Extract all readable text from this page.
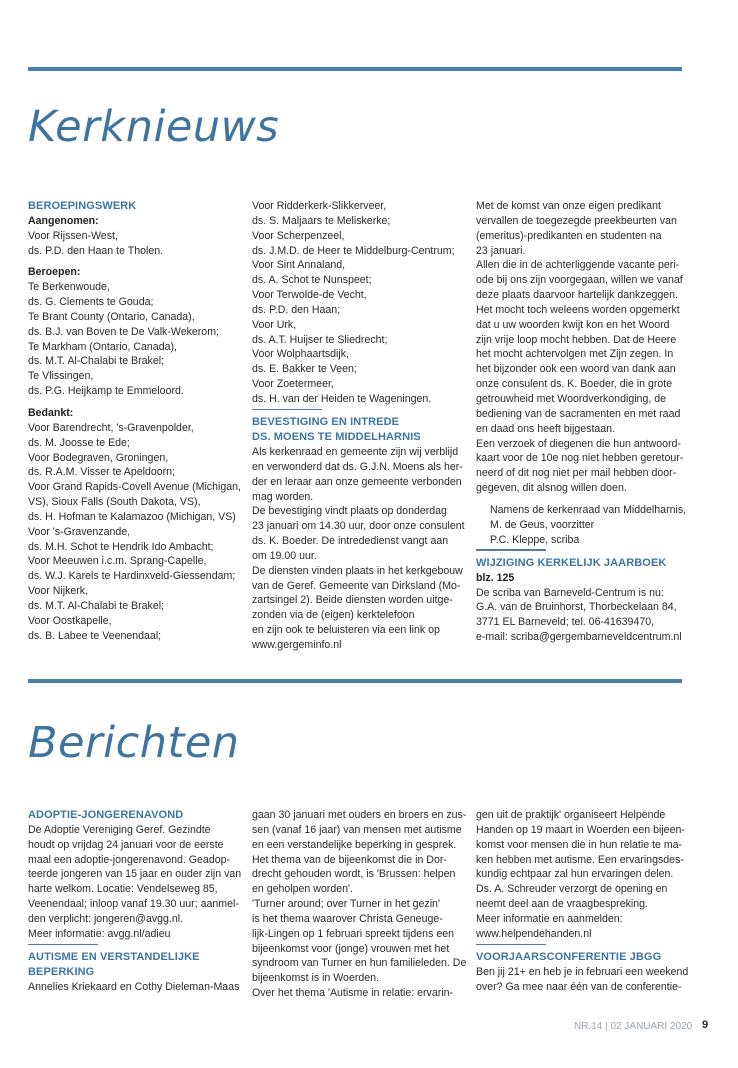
Kerknieuws

BEROEPINGSWERK

Aangenomen:

Voor Rijssen-West,

ds. P.D. den Haan te Tholen.

Beroepen:

Te Berkenwoude,

ds. G. Clements te Gouda;

Te Brant County (Ontario, Canada),

ds. B.J. van Boven te De Valk-Wekerom;

Te Markham (Ontario, Canada),

ds. M.T. Al-Chalabi te Brakel;

Te Vlissingen,

ds. P.G. Heijkamp te Emmeloord.

Bedankt:

Voor Barendrecht, 's-Gravenpolder,

ds. M. Joosse te Ede;

Voor Bodegraven, Groningen,

ds. R.A.M. Visser te Apeldoorn;

Voor Grand Rapids-Covell Avenue (Michigan,

VS), Sioux Falls (South Dakota, VS),

ds. H. Hofman te Kalamazoo (Michigan, VS)

Voor 's-Gravenzande,

ds. M.H. Schot te Hendrik Ido Ambacht;

Voor Meeuwen i.c.m. Sprang-Capelle,

ds. W.J. Karels te Hardinxveld-Giessendam;

Voor Nijkerk,

ds. M.T. Al-Chalabi te Brakel;

Voor Oostkapelle,

ds. B. Labee te Veenendaal;

Voor Ridderkerk-Slikkerveer,

ds. S. Maljaars te Meliskerke;

Voor Scherpenzeel,

ds. J.M.D. de Heer te Middelburg-Centrum;

Voor Sint Annaland,

ds. A. Schot te Nunspeet;

Voor Terwolde-de Vecht,

ds. P.D. den Haan;

Voor Urk,

ds. A.T. Huijser te Sliedrecht;

Voor Wolphaartsdijk,

ds. E. Bakker te Veen;

Voor Zoetermeer,

ds. H. van der Heiden te Wageningen.

BEVESTIGING EN INTREDE

DS. MOENS TE MIDDELHARNIS

Als kerkenraad en gemeente zijn wij verblijd

en verwonderd dat ds. G.J.N. Moens als her-

der en leraar aan onze gemeente verbonden

mag worden.

De bevestiging vindt plaats op donderdag

23 januari om 14.30 uur, door onze consulent

ds. K. Boeder. De intrededienst vangt aan

om 19.00 uur.

De diensten vinden plaats in het kerkgebouw

van de Geref. Gemeente van Dirksland (Mo-

zartsingel 2). Beide diensten worden uitge-

zonden via de (eigen) kerktelefoon

en zijn ook te beluisteren via een link op

www.gergeminfo.nl

Met de komst van onze eigen predikant

vervallen de toegezegde preekbeurten van

(emeritus)-predikanten en studenten na

23 januari.

Allen die in de achterliggende vacante peri-

ode bij ons zijn voorgegaan, willen we vanaf

deze plaats daarvoor hartelijk dankzeggen.

Het mocht toch weleens worden opgemerkt

dat u uw woorden kwijt kon en het Woord

zijn vrije loop mocht hebben. Dat de Heere

het mocht achtervolgen met Zijn zegen. In

het bijzonder ook een woord van dank aan

onze consulent ds. K. Boeder, die in grote

getrouwheid met Woordverkondiging, de

bediening van de sacramenten en met raad

en daad ons heeft bijgestaan.

Een verzoek of diegenen die hun antwoord-

kaart voor de 10e nog niet hebben geretour-

neerd of dit nog niet per mail hebben door-

gegeven, dit alsnog willen doen.

Namens de kerkenraad van Middelharnis,

M. de Geus, voorzitter

P.C. Kleppe, scriba

WIJZIGING KERKELIJK JAARBOEK

blz. 125

De scriba van Barneveld-Centrum is nu:

G.A. van de Bruinhorst, Thorbeckelaan 84,

3771 EL Barneveld; tel. 06-41639470,

e-mail: scriba@gergembarneveldcentrum.nl

Berichten

ADOPTIE-JONGERENAVOND

De Adoptie Vereniging Geref. Gezindte

houdt op vrijdag 24 januari voor de eerste

maal een adoptie-jongerenavond. Geadop-

teerde jongeren van 15 jaar en ouder zijn van

harte welkom. Locatie: Vendelseweg 85,

Veenendaal; inloop vanaf 19.30 uur; aanmel-

den verplicht: jongeren@avgg.nl.

Meer informatie: avgg.nl/adieu

AUTISME EN VERSTANDELIJKE

BEPERKING

Annelies Kriekaard en Cothy Dieleman-Maas

gaan 30 januari met ouders en broers en zus-

sen (vanaf 16 jaar) van mensen met autisme

en een verstandelijke beperking in gesprek.

Het thema van de bijeenkomst die in Dor-

drecht gehouden wordt, is 'Brussen: helpen

en geholpen worden'.

'Turner around; over Turner in het gezin'

is het thema waarover Christa Geneuge-

lijk-Lingen op 1 februari spreekt tijdens een

bijeenkomst voor (jonge) vrouwen met het

syndroom van Turner en hun familieleden. De

bijeenkomst is in Woerden.

Over het thema 'Autisme in relatie: ervarin-

gen uit de praktijk' organiseert Helpende

Handen op 19 maart in Woerden een bijeen-

komst voor mensen die in hun relatie te ma-

ken hebben met autisme. Een ervaringsdes-

kundig echtpaar zal hun ervaringen delen.

Ds. A. Schreuder verzorgt de opening en

neemt deel aan de vraagbespreking.

Meer informatie en aanmelden:

www.helpendehanden.nl

VOORJAARSCONFERENTIE JBGG

Ben jij 21+ en heb je in februari een weekend

over? Ga mee naar één van de conferentie-

NR.14 | 02 JANUARI 2020 9
